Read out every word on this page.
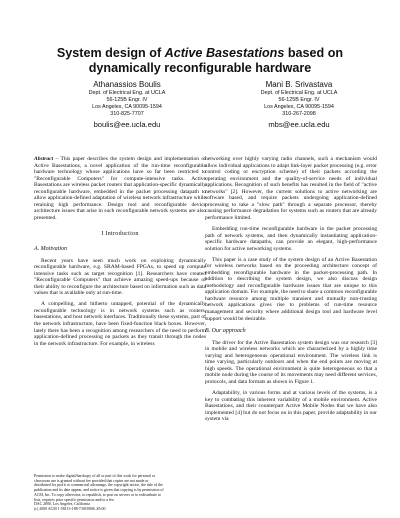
System design of Active Basestations based on dynamically reconfigurable hardware
Athanassios Boulis
Dept. of Electrical Eng. at UCLA
56-125B Engr. IV
Los Angeles, CA 90095-1594
310-825-7707
boulis@ee.ucla.edu
Mani B. Srivastava
Dept. of Electrical Eng. at UCLA
56-125B Engr. IV
Los Angeles, CA 90095-1594
310-267-2098
mbs@ee.ucla.edu

Abstract – This paper describes the system design and implementation of Active Basestations, a novel application of the run-time reconfigurable hardware technology whose applications have so far been restricted to "Reconfigurable Computers" for compute-intensive tasks. Active Basestations are wireless packet routers that application-specific dynamically reconfigurable hardware, embedded in the packet processing datapath to allow application-defined adaptation of wireless network infrastructure while retaining high performance. Design tool and reconfigurable device architecture issues that arise in such reconfigurable network systems are also presented.

I Introduction
A. Motivation

Recent years have seen much work on exploiting dynamically reconfigurable hardware, e.g. SRAM-based FPGAs, to speed up compute intensive tasks such as target recognition [1]. Researchers have created "Reconfigurable Computers" that achieve amazing speed-ups because of their ability to reconfigure the architecture based on information such as data values that is available only at run-time.

A compelling, and hitherto untapped, potential of the dynamically reconfigurable technology is in network systems such as routers, basestations, and host network interfaces. Traditionally these systems, part of the network infrastructure, have been fixed-function black boxes. However, lately there has been a recognition among researchers of the need to perform application-defined processing on packets as they transit through the nodes in the network infrastructure. For example, in wireless

networking over highly varying radio channels, such a mechanism would allow individual applications to adapt link-layer packet processing (e.g. error control coding or encryption scheme) of their packets according the operating environment and the quality-of-service needs of individual applications. Recognition of such benefits has resulted in the field of "active networks" [2]. However, the current solutions to active networking are software based, and require packets undergoing application-defined processing to take a "slow path" through a separate processor, thereby causing performance degradation for systems such as routers that are already performance limited.

Embedding run-time reconfigurable hardware in the packet processing path of network systems, and then dynamically instantiating application-specific hardware datapaths, can provide an elegant, high-performance solution for active networking systems.

This paper is a case study of the system design of an Active Basestation for wireless networks based on the proceeding architecture concept of embedding reconfigurable hardware in the packet-processing path. In addition to describing the system design, we also discuss design methodology and reconfigurable hardware issues that are unique to this application domain. For example, the need to share a common reconfigurable hardware resource among multiple transient and mutually non-trusting network applications gives rise to problems of run-time resource management and security where additional design tool and hardware level support would be desirable.

B. Our approach

The driver for the Active Basestation system design was our research [3] in mobile and wireless networks which are characterized by a highly time varying and heterogeneous operational environment. The wireless link is time varying, particularly outdoors and when the end points are moving at high speeds. The operational environment is quite heterogeneous so that a mobile node during the course of its movements may need different services, protocols, and data formats as shown in Figure 1.

Adaptability, in various forms and at various levels of the systems, is a key to combating this inherent variability of a mobile environment. Active Basestations, and their counterpart Active Mobile Nodes that we have also implemented [4] but do not focus on in this paper, provide adaptability in our system via

Permission to make digital/hardcopy of all or part of this work for personal or
classroom use is granted without fee provided that copies are not made or
distributed for profit or commercial advantage, the copyright notice, the title of the
publication and its date appear, and notice is given that copying is by permission of
ACM, Inc. To copy otherwise, to republish, to post on servers or to redistribute to
lists, requires prior specific permission and/or a fee.
DAC 2000, Los Angeles, California
(c) 2000 ACM 1-58113-188-7/00/0006..$5.00
